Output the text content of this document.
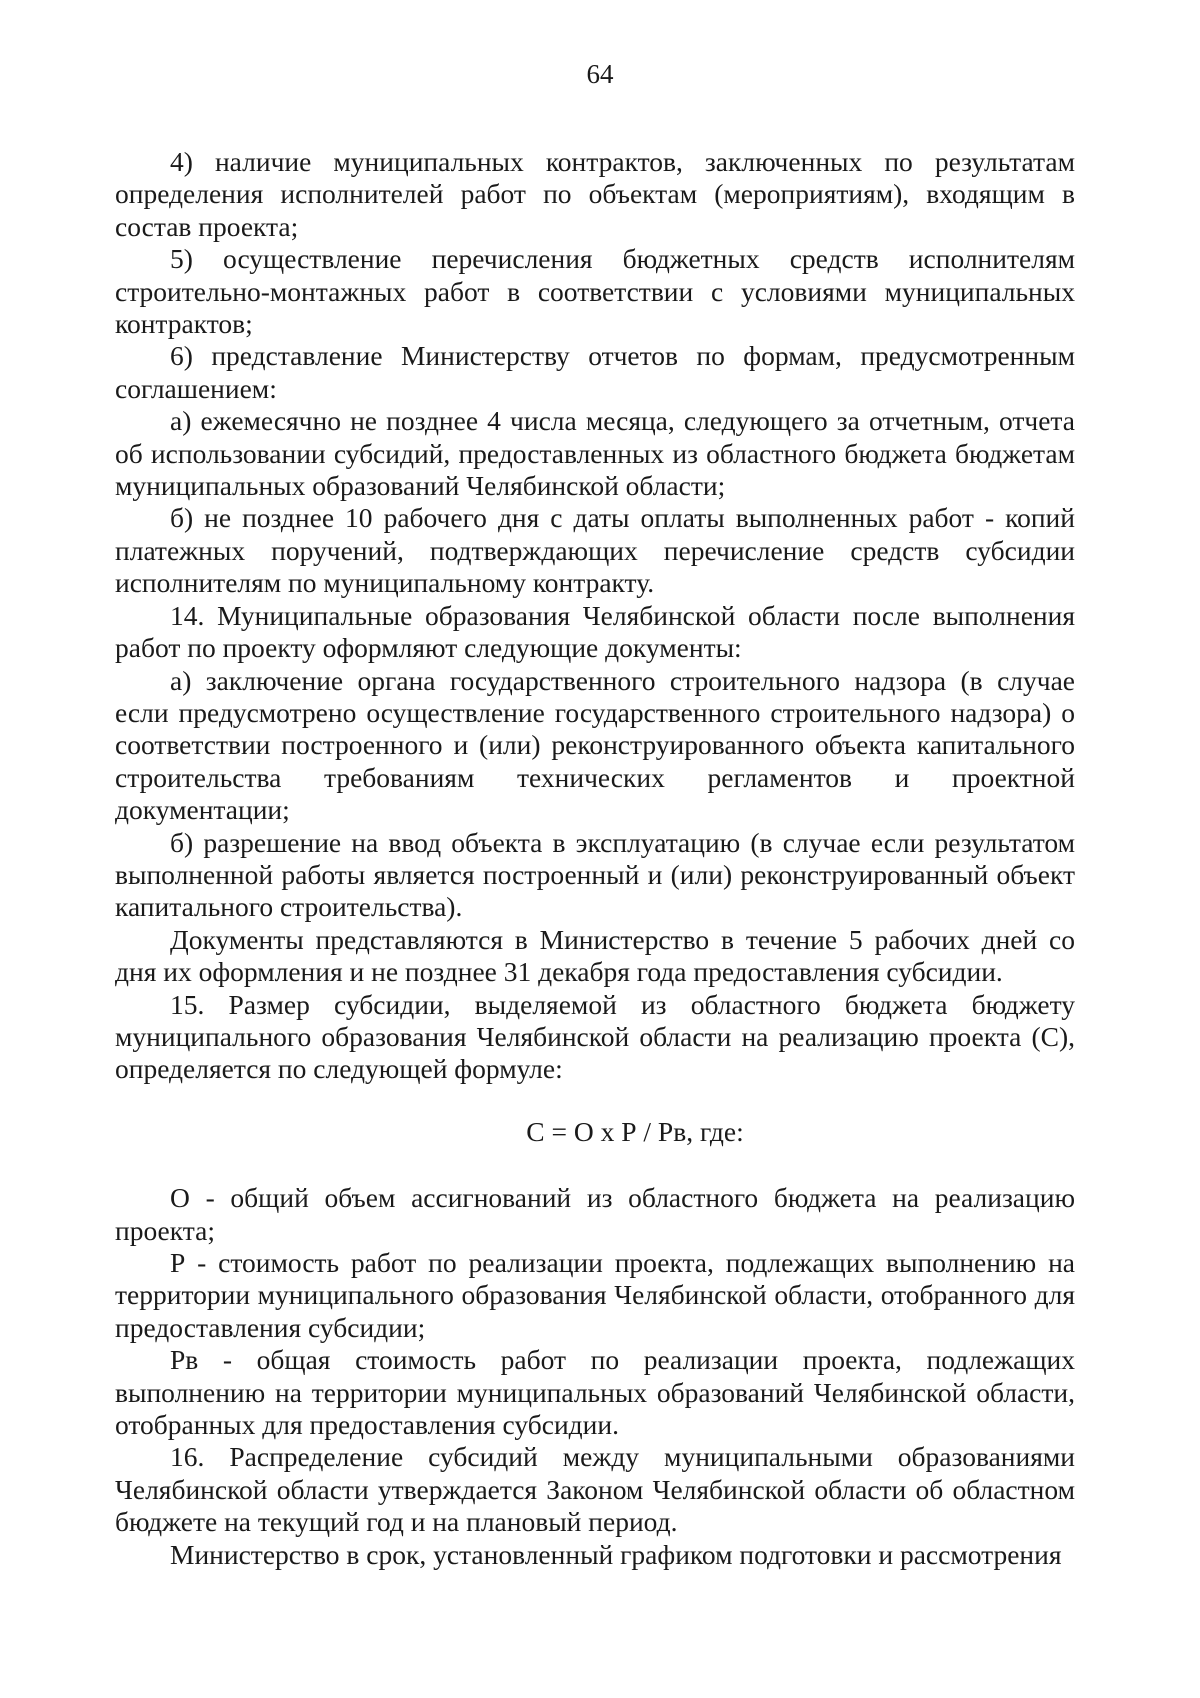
64

4) наличие муниципальных контрактов, заключенных по результатам определения исполнителей работ по объектам (мероприятиям), входящим в состав проекта;

5) осуществление перечисления бюджетных средств исполнителям строительно-монтажных работ в соответствии с условиями муниципальных контрактов;

6) представление Министерству отчетов по формам, предусмотренным соглашением:

а) ежемесячно не позднее 4 числа месяца, следующего за отчетным, отчета об использовании субсидий, предоставленных из областного бюджета бюджетам муниципальных образований Челябинской области;

б) не позднее 10 рабочего дня с даты оплаты выполненных работ - копий платежных поручений, подтверждающих перечисление средств субсидии исполнителям по муниципальному контракту.

14. Муниципальные образования Челябинской области после выполнения работ по проекту оформляют следующие документы:

а) заключение органа государственного строительного надзора (в случае если предусмотрено осуществление государственного строительного надзора) о соответствии построенного и (или) реконструированного объекта капитального строительства требованиям технических регламентов и проектной документации;

б) разрешение на ввод объекта в эксплуатацию (в случае если результатом выполненной работы является построенный и (или) реконструированный объект капитального строительства).

Документы представляются в Министерство в течение 5 рабочих дней со дня их оформления и не позднее 31 декабря года предоставления субсидии.

15. Размер субсидии, выделяемой из областного бюджета бюджету муниципального образования Челябинской области на реализацию проекта (С), определяется по следующей формуле:

С = О х Р / Рв, где:

О - общий объем ассигнований из областного бюджета на реализацию проекта;

Р - стоимость работ по реализации проекта, подлежащих выполнению на территории муниципального образования Челябинской области, отобранного для предоставления субсидии;

Рв - общая стоимость работ по реализации проекта, подлежащих выполнению на территории муниципальных образований Челябинской области, отобранных для предоставления субсидии.

16. Распределение субсидий между муниципальными образованиями Челябинской области утверждается Законом Челябинской области об областном бюджете на текущий год и на плановый период.

Министерство в срок, установленный графиком подготовки и рассмотрения
